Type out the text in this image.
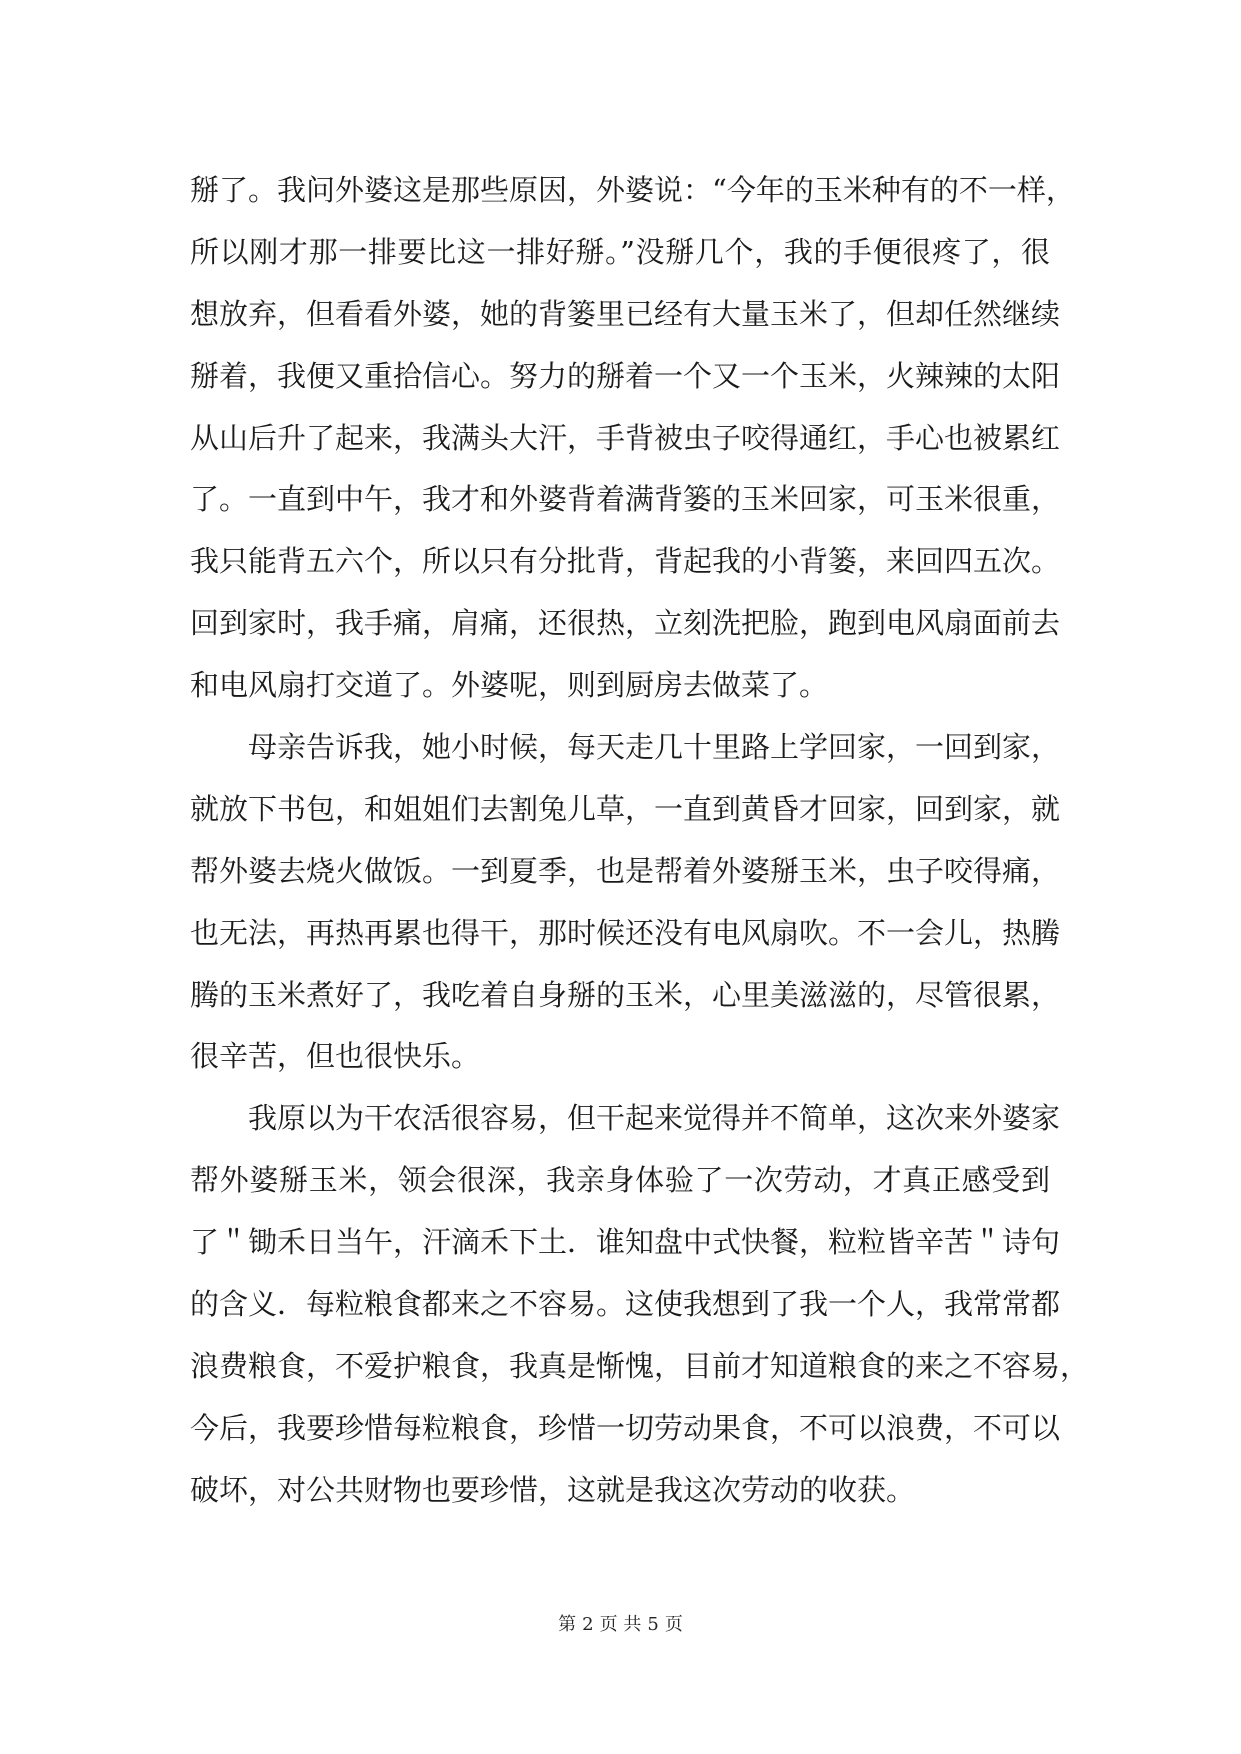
掰了。我问外婆这是那些原因，外婆说：“今年的玉米种有的不一样，
所以刚才那一排要比这一排好掰。”没掰几个，我的手便很疼了，很
想放弃，但看看外婆，她的背篓里已经有大量玉米了，但却任然继续
掰着，我便又重拾信心。努力的掰着一个又一个玉米，火辣辣的太阳
从山后升了起来，我满头大汗，手背被虫子咬得通红，手心也被累红
了。一直到中午，我才和外婆背着满背篓的玉米回家，可玉米很重，
我只能背五六个，所以只有分批背，背起我的小背篓，来回四五次。
回到家时，我手痛，肩痛，还很热，立刻洗把脸，跑到电风扇面前去
和电风扇打交道了。外婆呢，则到厨房去做菜了。
母亲告诉我，她小时候，每天走几十里路上学回家，一回到家，
就放下书包，和姐姐们去割兔儿草，一直到黄昏才回家，回到家，就
帮外婆去烧火做饭。一到夏季，也是帮着外婆掰玉米，虫子咬得痛，
也无法，再热再累也得干，那时候还没有电风扇吹。不一会儿，热腾
腾的玉米煮好了，我吃着自身掰的玉米，心里美滋滋的，尽管很累，
很辛苦，但也很快乐。
我原以为干农活很容易，但干起来觉得并不简单，这次来外婆家
帮外婆掰玉米，领会很深，我亲身体验了一次劳动，才真正感受到
了＂锄禾日当午，汗滴禾下土．谁知盘中式快餐，粒粒皆辛苦＂诗句
的含义．每粒粮食都来之不容易。这使我想到了我一个人，我常常都
浪费粮食，不爱护粮食，我真是惭愧，目前才知道粮食的来之不容易，
今后，我要珍惜每粒粮食，珍惜一切劳动果食，不可以浪费，不可以
破坏，对公共财物也要珍惜，这就是我这次劳动的收获。
第 2 页 共 5 页
